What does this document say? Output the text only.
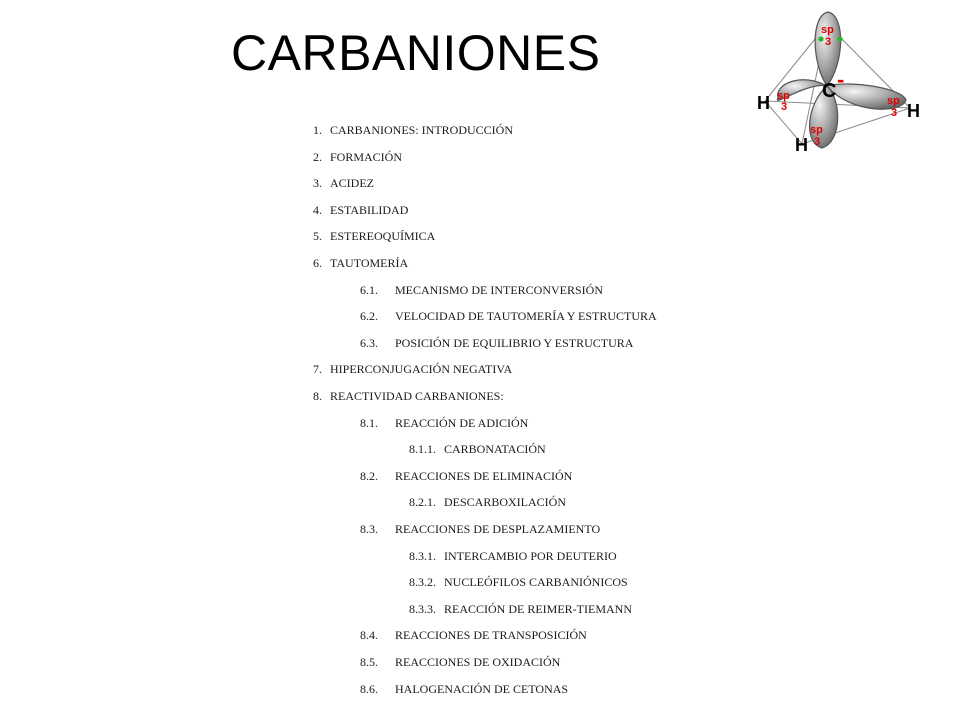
CARBANIONES
1. CARBANIONES: INTRODUCCIÓN
2. FORMACIÓN
3. ACIDEZ
4. ESTABILIDAD
5. ESTEREOQUÍMICA
6. TAUTOMERÍA
6.1. MECANISMO DE INTERCONVERSIÓN
6.2. VELOCIDAD DE TAUTOMERÍA Y ESTRUCTURA
6.3. POSICIÓN DE EQUILIBRIO Y ESTRUCTURA
7. HIPERCONJUGACIÓN NEGATIVA
8. REACTIVIDAD CARBANIONES:
8.1. REACCIÓN DE ADICIÓN
8.1.1. CARBONATACIÓN
8.2. REACCIONES DE ELIMINACIÓN
8.2.1. DESCARBOXILACIÓN
8.3. REACCIONES DE DESPLAZAMIENTO
8.3.1. INTERCAMBIO POR DEUTERIO
8.3.2. NUCLEÓFILOS CARBANIÓNICOS
8.3.3. REACCIÓN DE REIMER-TIEMANN
8.4. REACCIONES DE TRANSPOSICIÓN
8.5. REACCIONES DE OXIDACIÓN
8.6. HALOGENACIÓN DE CETONAS
C -
H	H
H
sp
3
sp
3	sp
3
sp
3
